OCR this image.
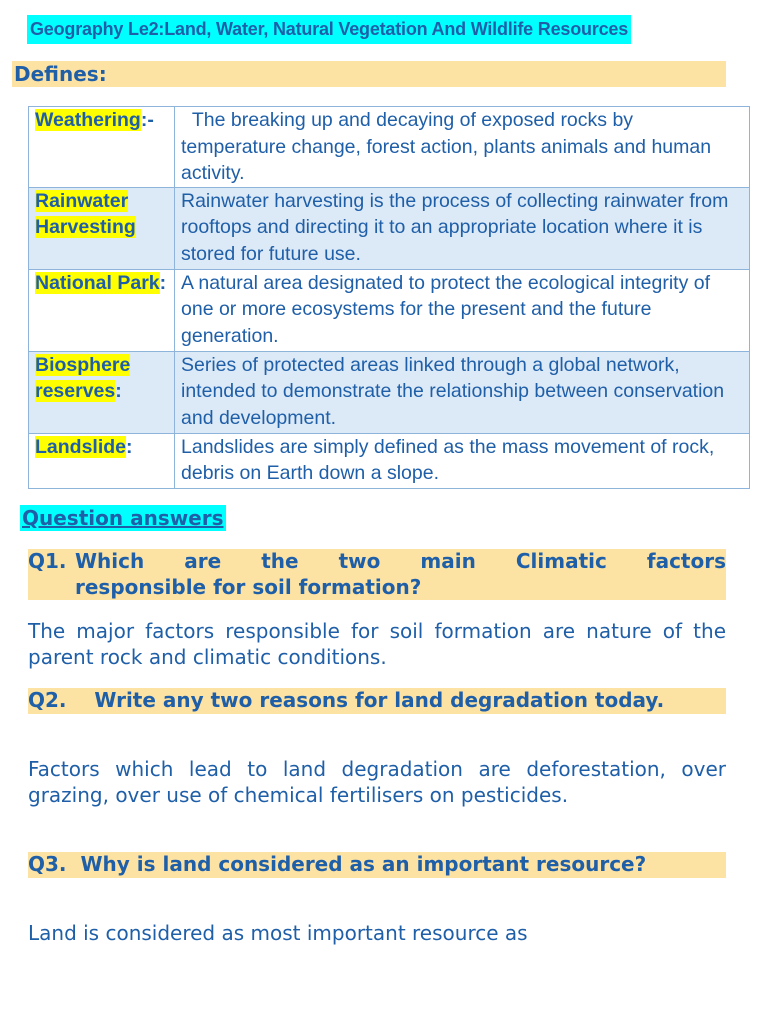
Geography Le2:Land, Water, Natural Vegetation And Wildlife Resources
Defines:
Weathering:-	The breaking up and decaying of exposed rocks by temperature change, forest action, plants animals and human activity.
Rainwater Harvesting	Rainwater harvesting is the process of collecting rainwater from rooftops and directing it to an appropriate location where it is stored for future use.
National Park:	A natural area designated to protect the ecological integrity of one or more ecosystems for the present and the future generation.
Biosphere reserves:	Series of protected areas linked through a global network, intended to demonstrate the relationship between conservation and development.
Landslide:	Landslides are simply defined as the mass movement of rock, debris on Earth down a slope.
Question answers
Q1. Which are the two main Climatic factors
responsible for soil formation?
The major factors responsible for soil formation are nature of the parent rock and climatic conditions.
Q2. Write any two reasons for land degradation today.
Factors which lead to land degradation are deforestation, over grazing, over use of chemical fertilisers on pesticides.
Q3. Why is land considered as an important resource?
Land is considered as most important resource as
